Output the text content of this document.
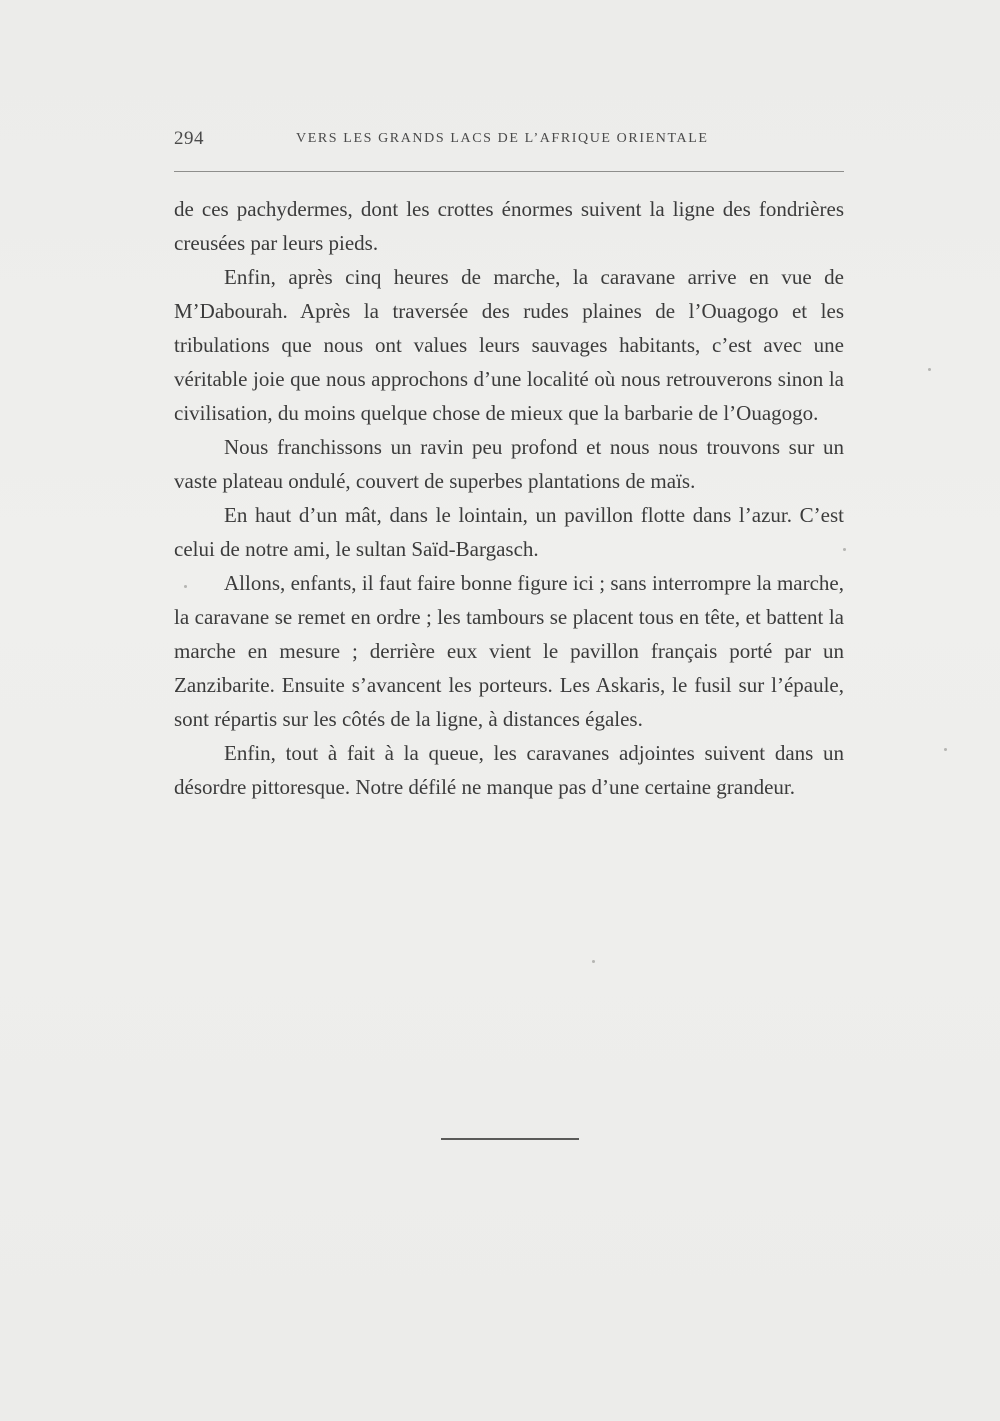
294	VERS LES GRANDS LACS DE L’AFRIQUE ORIENTALE

de ces pachydermes, dont les crottes énormes suivent la ligne des fondrières creusées par leurs pieds.

Enfin, après cinq heures de marche, la caravane arrive en vue de M’Dabourah. Après la traversée des rudes plaines de l’Ouagogo et les tribulations que nous ont values leurs sauvages habitants, c’est avec une véritable joie que nous approchons d’une localité où nous retrouverons sinon la civilisation, du moins quelque chose de mieux que la barbarie de l’Ouagogo.

Nous franchissons un ravin peu profond et nous nous trouvons sur un vaste plateau ondulé, couvert de superbes plantations de maïs.

En haut d’un mât, dans le lointain, un pavillon flotte dans l’azur. C’est celui de notre ami, le sultan Saïd-Bargasch.

Allons, enfants, il faut faire bonne figure ici ; sans interrompre la marche, la caravane se remet en ordre ; les tambours se placent tous en tête, et battent la marche en mesure ; derrière eux vient le pavillon français porté par un Zanzibarite. Ensuite s’avancent les porteurs. Les Askaris, le fusil sur l’épaule, sont répartis sur les côtés de la ligne, à distances égales.

Enfin, tout à fait à la queue, les caravanes adjointes suivent dans un désordre pittoresque. Notre défilé ne manque pas d’une certaine grandeur.
